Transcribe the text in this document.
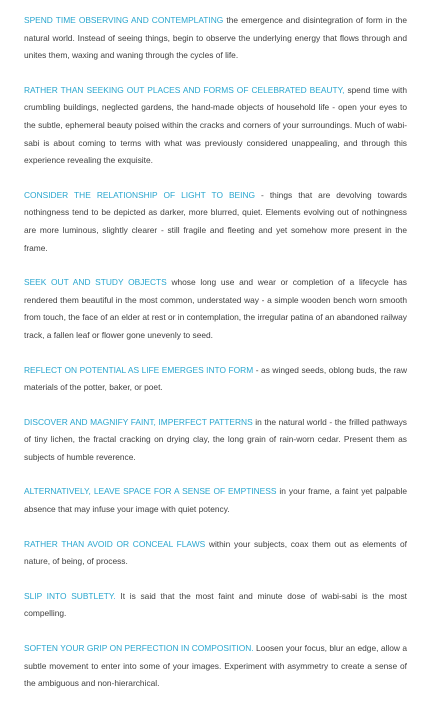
SPEND TIME OBSERVING AND CONTEMPLATING the emergence and disintegration of form in the natural world. Instead of seeing things, begin to observe the underlying energy that flows through and unites them, waxing and waning through the cycles of life.

RATHER THAN SEEKING OUT PLACES AND FORMS OF CELEBRATED BEAUTY, spend time with crumbling buildings, neglected gardens, the hand-made objects of household life - open your eyes to the subtle, ephemeral beauty poised within the cracks and corners of your surroundings. Much of wabi-sabi is about coming to terms with what was previously considered unappealing, and through this experience revealing the exquisite.

CONSIDER THE RELATIONSHIP OF LIGHT TO BEING - things that are devolving towards nothingness tend to be depicted as darker, more blurred, quiet. Elements evolving out of nothingness are more luminous, slightly clearer - still fragile and fleeting and yet somehow more present in the frame.

SEEK OUT AND STUDY OBJECTS whose long use and wear or completion of a lifecycle has rendered them beautiful in the most common, understated way - a simple wooden bench worn smooth from touch, the face of an elder at rest or in contemplation, the irregular patina of an abandoned railway track, a fallen leaf or flower gone unevenly to seed.

REFLECT ON POTENTIAL AS LIFE EMERGES INTO FORM - as winged seeds, oblong buds, the raw materials of the potter, baker, or poet.

DISCOVER AND MAGNIFY FAINT, IMPERFECT PATTERNS in the natural world - the frilled pathways of tiny lichen, the fractal cracking on drying clay, the long grain of rain-worn cedar. Present them as subjects of humble reverence.

ALTERNATIVELY, LEAVE SPACE FOR A SENSE OF EMPTINESS in your frame, a faint yet palpable absence that may infuse your image with quiet potency.

RATHER THAN AVOID OR CONCEAL FLAWS within your subjects, coax them out as elements of nature, of being, of process.

SLIP INTO SUBTLETY. It is said that the most faint and minute dose of wabi-sabi is the most compelling.

SOFTEN YOUR GRIP ON PERFECTION IN COMPOSITION. Loosen your focus, blur an edge, allow a subtle movement to enter into some of your images. Experiment with asymmetry to create a sense of the ambiguous and non-hierarchical.
